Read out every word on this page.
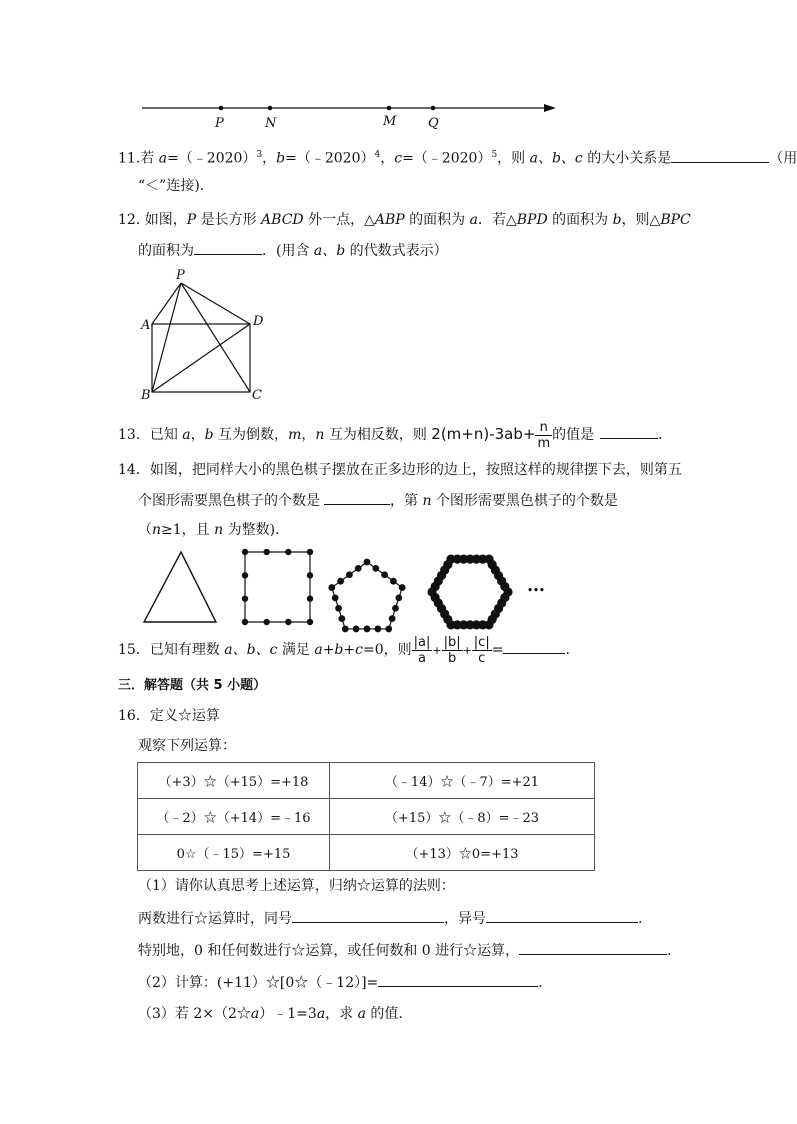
P	N	M Q
11.若 a=（﹣2020）$^3$，b=（﹣2020）$^4$，c=（﹣2020）$^5$，则 a、b、c 的大小关系是	（用
“＜”连接).
12. 如图，P 是长方形 ABCD 外一点，△ABP 的面积为 a．若△BPD 的面积为 b，则△BPC
的面积为	．(用含 a、b 的代数式表示）
P
A	D
B	C
13．已知 a，b 互为倒数，m，n 互为相反数，则 $2(m+n)-3ab+ \frac{n}{m}$ 的值是	.
14．如图，把同样大小的黑色棋子摆放在正多边形的边上，按照这样的规律摆下去，则第五
个图形需要黑色棋子的个数是	，第 n 个图形需要黑色棋子的个数是
（n≥1，且 n 为整数)．
…
15．已知有理数 a、b、c 满足 a+b+c=0，则 $\frac{|a|}{a} + \frac{|b|}{b} + \frac{|c|}{c}$ =	.
三．解答题（共 5 小题）
16．定义☆运算
观察下列运算：
（+3）☆（+15）=+18	（﹣14）☆（﹣7）=+21
（﹣2）☆（+14）=﹣16	（+15）☆（﹣8）=﹣23
0☆（﹣15）=+15	（+13）☆0=+13
（1）请你认真思考上述运算，归纳☆运算的法则：
两数进行☆运算时，同号	，异号	.
特别地，0 和任何数进行☆运算，或任何数和 0 进行☆运算，	.
（2）计算：(+11）☆[0☆（﹣12）]=	.
（3）若 2×（2☆a）﹣1=3a，求 a 的值.
